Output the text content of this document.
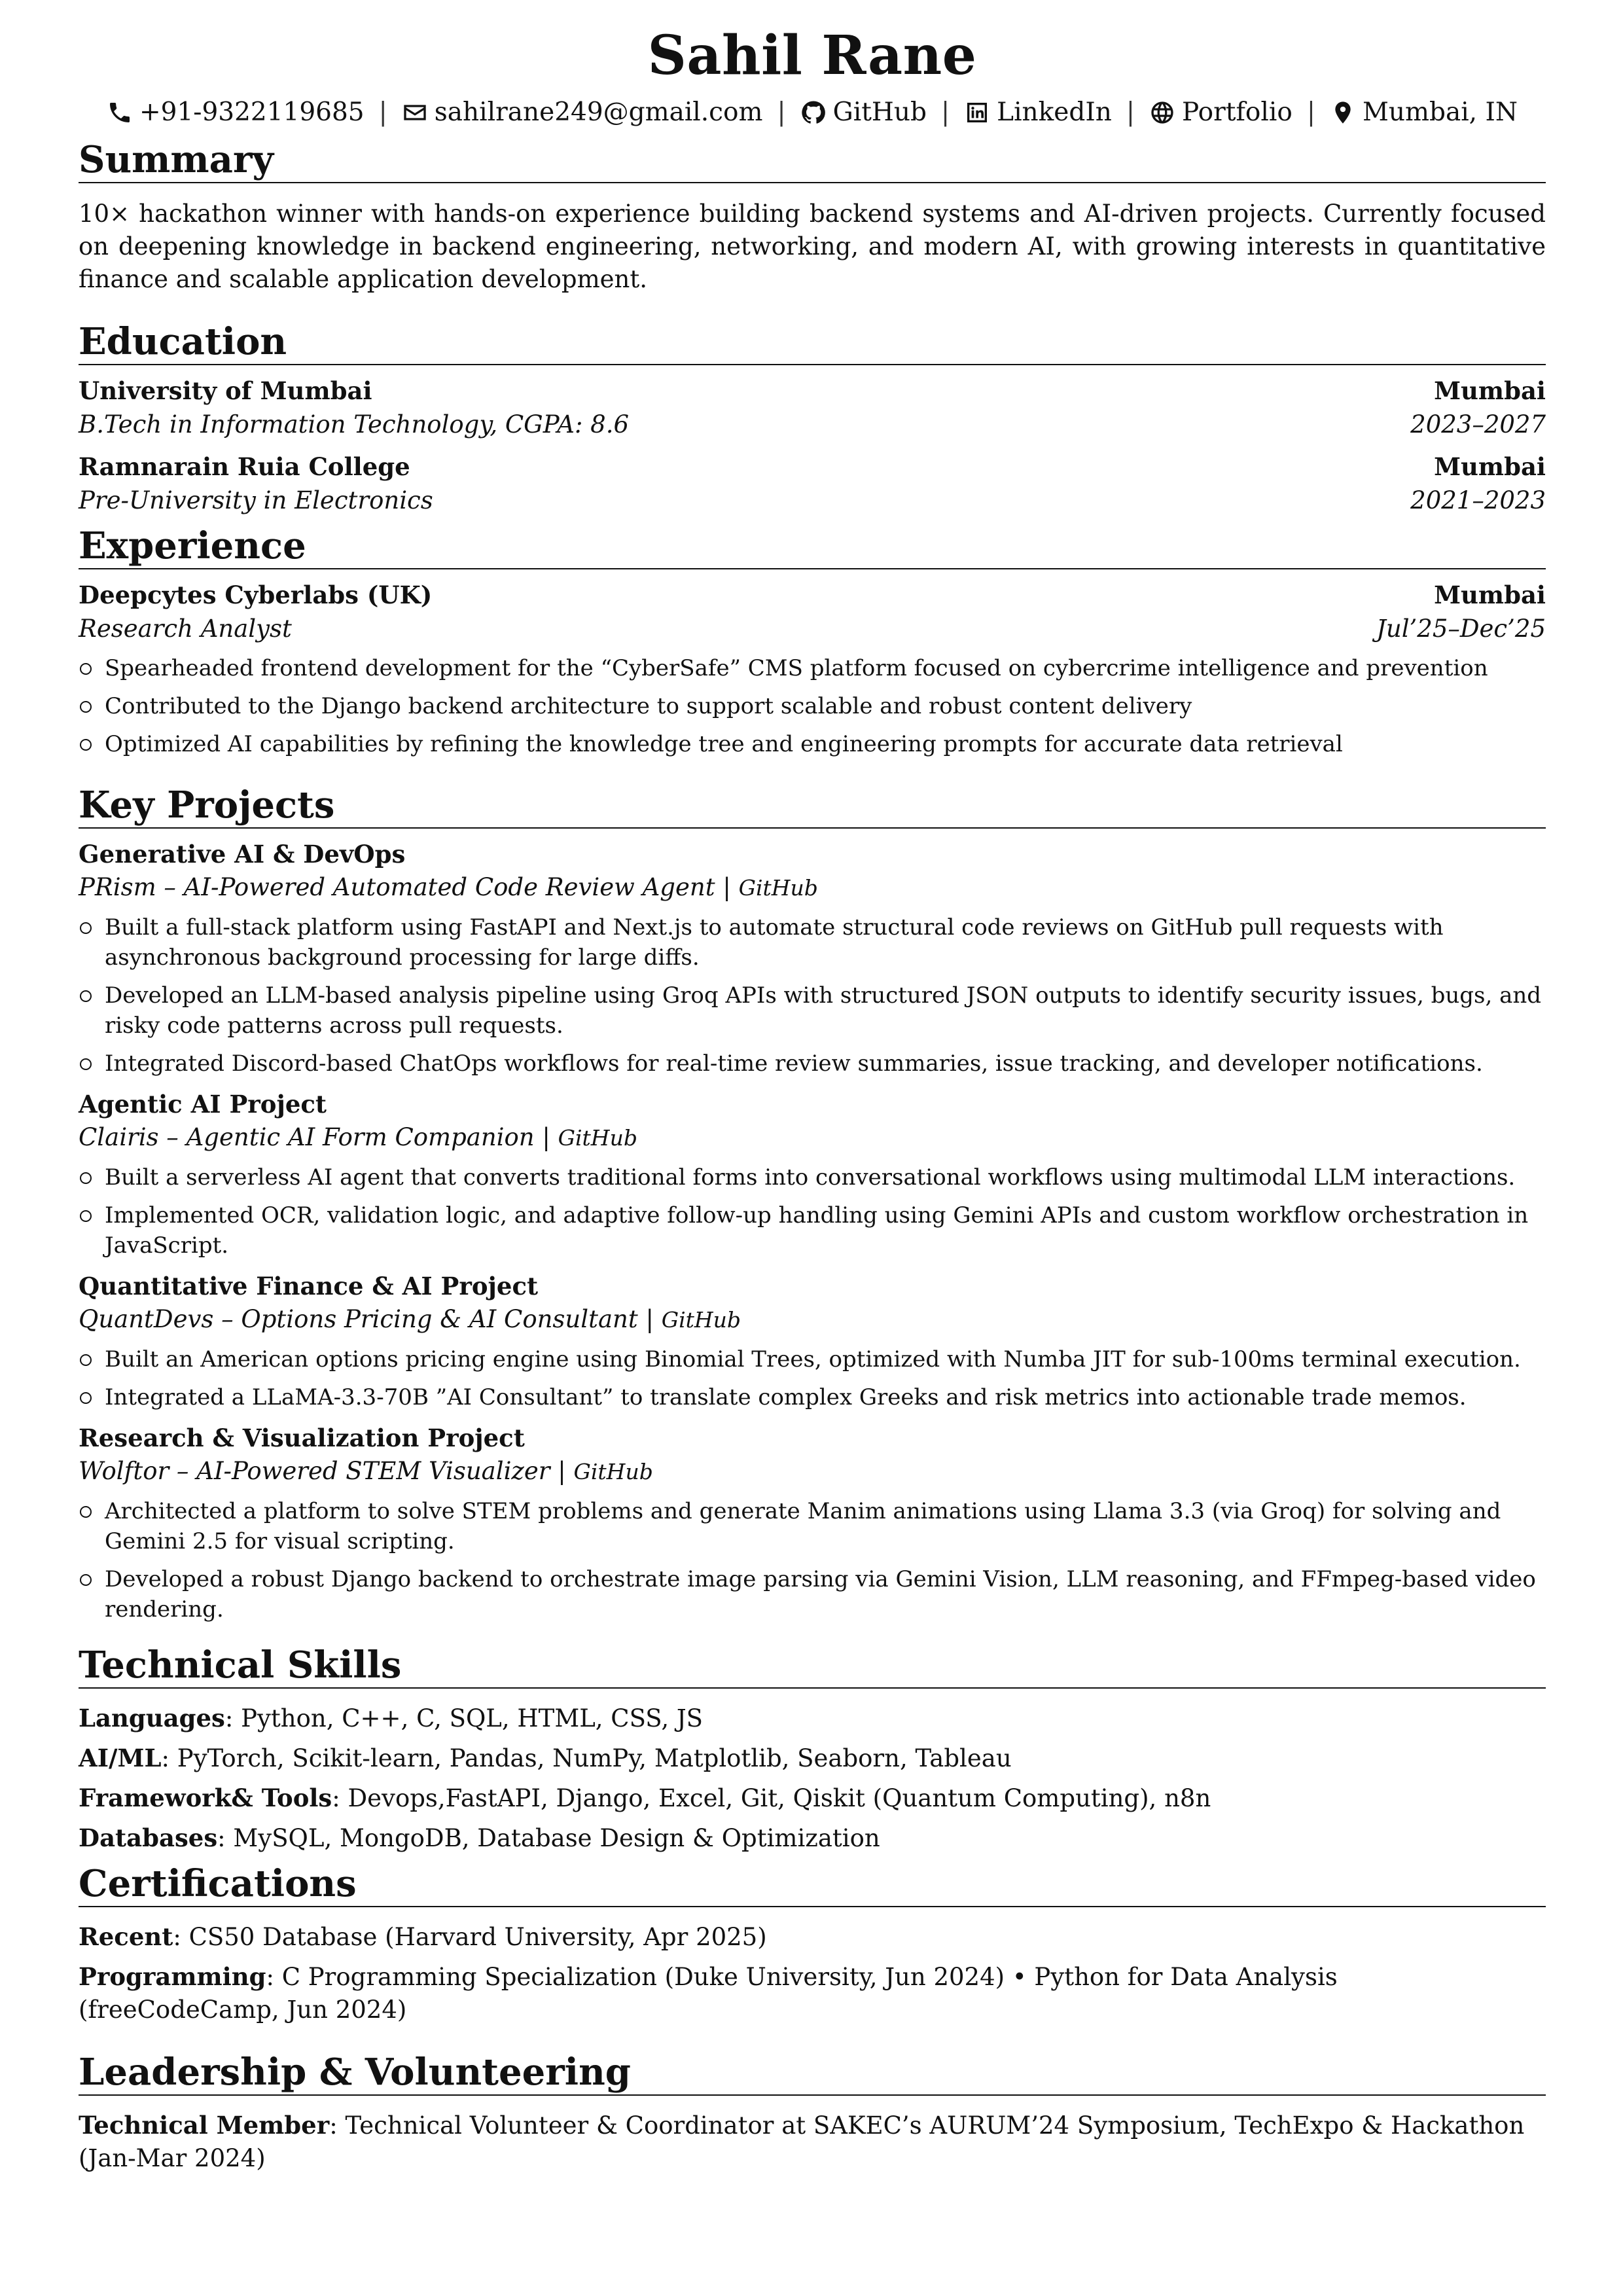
Sahil Rane
+91-9322119685 | sahilrane249@gmail.com | GitHub | LinkedIn | Portfolio | Mumbai, IN
Summary

10× hackathon winner with hands-on experience building backend systems and AI-driven projects. Currently focused on deepening knowledge in backend engineering, networking, and modern AI, with growing interests in quantitative finance and scalable application development.

Education
University of Mumbai	Mumbai
B.Tech in Information Technology, CGPA: 8.6	2023–2027
Ramnarain Ruia College	Mumbai
Pre-University in Electronics	2021–2023
Experience
Deepcytes Cyberlabs (UK)	Mumbai
Research Analyst	Jul’25–Dec’25
Spearheaded frontend development for the “CyberSafe” CMS platform focused on cybercrime intelligence and prevention
Contributed to the Django backend architecture to support scalable and robust content delivery
Optimized AI capabilities by refining the knowledge tree and engineering prompts for accurate data retrieval
Key Projects
Generative AI & DevOps
PRism – AI-Powered Automated Code Review Agent | GitHub
Built a full-stack platform using FastAPI and Next.js to automate structural code reviews on GitHub pull requests with asynchronous background processing for large diffs.
Developed an LLM-based analysis pipeline using Groq APIs with structured JSON outputs to identify security issues, bugs, and risky code patterns across pull requests.
Integrated Discord-based ChatOps workflows for real-time review summaries, issue tracking, and developer notifications.
Agentic AI Project
Clairis – Agentic AI Form Companion | GitHub
Built a serverless AI agent that converts traditional forms into conversational workflows using multimodal LLM interactions.
Implemented OCR, validation logic, and adaptive follow-up handling using Gemini APIs and custom workflow orchestration in JavaScript.
Quantitative Finance & AI Project
QuantDevs – Options Pricing & AI Consultant | GitHub
Built an American options pricing engine using Binomial Trees, optimized with Numba JIT for sub-100ms terminal execution.
Integrated a LLaMA-3.3-70B ”AI Consultant” to translate complex Greeks and risk metrics into actionable trade memos.
Research & Visualization Project
Wolftor – AI-Powered STEM Visualizer | GitHub
Architected a platform to solve STEM problems and generate Manim animations using Llama 3.3 (via Groq) for solving and Gemini 2.5 for visual scripting.
Developed a robust Django backend to orchestrate image parsing via Gemini Vision, LLM reasoning, and FFmpeg-based video rendering.
Technical Skills
Languages: Python, C++, C, SQL, HTML, CSS, JS
AI/ML: PyTorch, Scikit-learn, Pandas, NumPy, Matplotlib, Seaborn, Tableau
Framework& Tools: Devops,FastAPI, Django, Excel, Git, Qiskit (Quantum Computing), n8n
Databases: MySQL, MongoDB, Database Design & Optimization
Certifications
Recent: CS50 Database (Harvard University, Apr 2025)
Programming: C Programming Specialization (Duke University, Jun 2024) • Python for Data Analysis (freeCodeCamp, Jun 2024)
Leadership & Volunteering
Technical Member: Technical Volunteer & Coordinator at SAKEC’s AURUM’24 Symposium, TechExpo & Hackathon (Jan-Mar 2024)
